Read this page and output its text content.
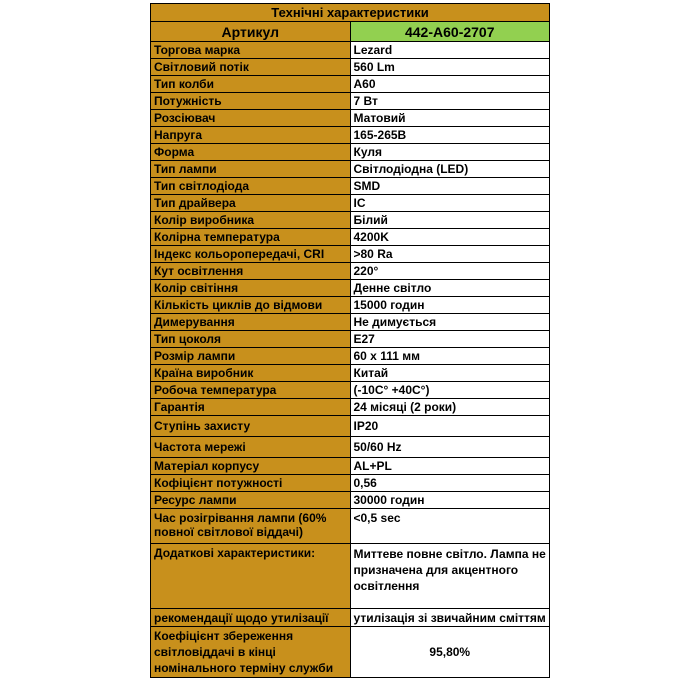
Технічні характеристики	
Артикул	442-A60-2707
Торгова марка	Lezard
Світловий потік	560 Lm
Тип колби	A60
Потужність	7 Вт
Розсіювач	Матовий
Напруга	165-265В
Форма	Куля
Тип лампи	Світлодіодна (LED)
Тип світлодіода	SMD
Тип драйвера	IC
Колір виробника	Білий
Колірна температура	4200K
Індекс кольоропередачі, CRI	>80 Ra
Кут освітлення	220°
Колір світіння	Денне світло
Кількість циклів до відмови	15000 годин
Димерування	Не димується
Тип цоколя	E27
Розмір лампи	60 x 111 мм
Країна виробник	Китай
Робоча температура	(-10C° +40C°)
Гарантія	24 місяці (2 роки)
Ступінь захисту	IP20
Частота мережі	50/60 Hz
Матеріал корпусу	AL+PL
Кофіцієнт потужності	0,56
Ресурс лампи	30000 годин
Час розігрівання лампи (60% повної світлової віддачі)	<0,5 sec
Додаткові характеристики:	Миттеве повне світло. Лампа не призначена для акцентного освітлення
рекомендації щодо утилізації	утилізація зі звичайним сміттям
Коефіцієнт збереження світловіддачі в кінці номінального терміну служби	95,80%
